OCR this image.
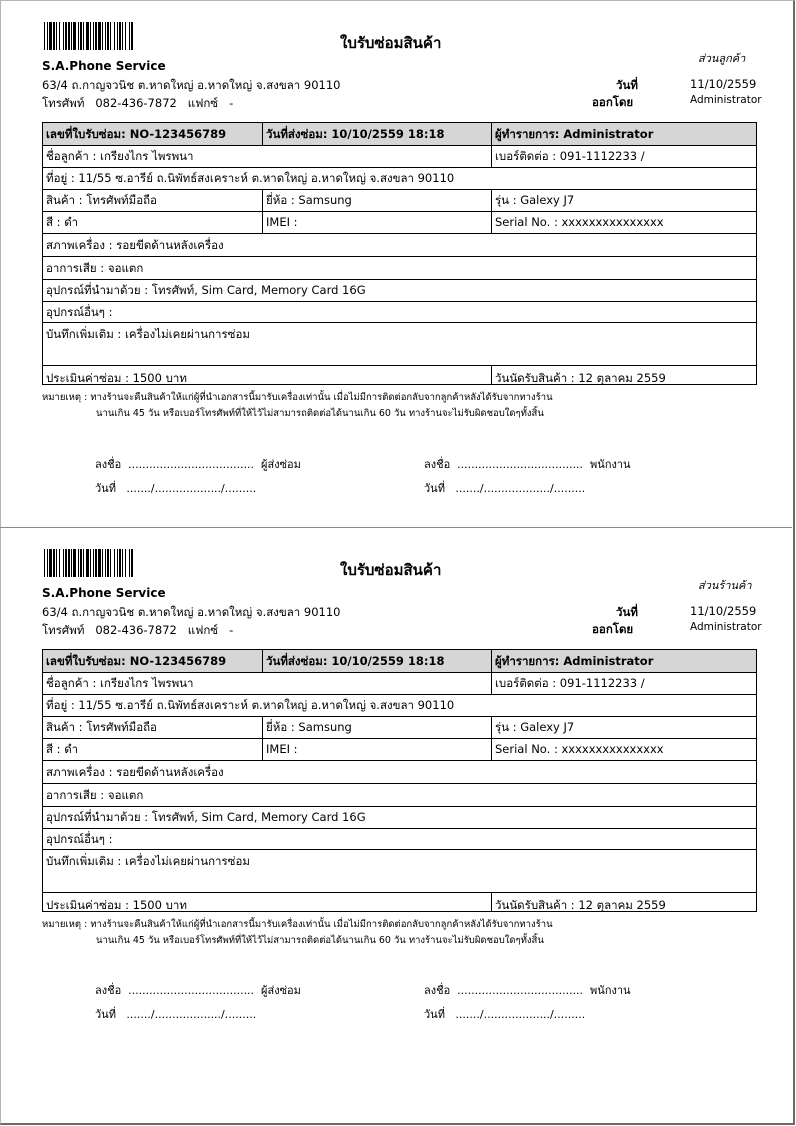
ใบรับซ่อมสินค้า
ส่วนลูกค้า
S.A.Phone Service
63/4 ถ.กาญจวนิช ต.หาดใหญ่ อ.หาดใหญ่ จ.สงขลา 90110
โทรศัพท์   082-436-7872   แฟกซ์   -
วันที่	11/10/2559
ออกโดย	Administrator
เลขที่ใบรับซ่อม: NO-123456789	วันที่ส่งซ่อม: 10/10/2559 18:18	ผู้ทำรายการ: Administrator
ชื่อลูกค้า : เกรียงไกร ไพรพนา	เบอร์ติดต่อ : 091-1112233 /
ที่อยู่ : 11/55 ซ.อารีย์ ถ.นิพัทธ์สงเคราะห์ ต.หาดใหญ่ อ.หาดใหญ่ จ.สงขลา 90110
สินค้า : โทรศัพท์มือถือ	ยี่ห้อ : Samsung	รุ่น : Galexy J7
สี : ดำ	IMEI :	Serial No. : xxxxxxxxxxxxxxx
สภาพเครื่อง : รอยขีดด้านหลังเครื่อง
อาการเสีย : จอแตก
อุปกรณ์ที่นำมาด้วย : โทรศัพท์, Sim Card, Memory Card 16G
อุปกรณ์อื่นๆ :
บันทึกเพิ่มเติม : เครื่องไม่เคยผ่านการซ่อม
ประเมินค่าซ่อม : 1500 บาท	วันนัดรับสินค้า : 12 ตุลาคม 2559
หมายเหตุ : ทางร้านจะคืนสินค้าให้แก่ผู้ที่นำเอกสารนี้มารับเครื่องเท่านั้น เมื่อไม่มีการติดต่อกลับจากลูกค้าหลังได้รับจากทางร้าน
นานเกิน 45 วัน หรือเบอร์โทรศัพท์ที่ให้ไว้ไม่สามารถติดต่อได้นานเกิน 60 วัน ทางร้านจะไม่รับผิดชอบใดๆทั้งสิ้น
ลงชื่อ  ....................................  ผู้ส่งซ่อม
วันที่   ......./.................../.........
ลงชื่อ  ....................................  พนักงาน
วันที่   ......./.................../.........
ใบรับซ่อมสินค้า
ส่วนร้านค้า
S.A.Phone Service
63/4 ถ.กาญจวนิช ต.หาดใหญ่ อ.หาดใหญ่ จ.สงขลา 90110
โทรศัพท์   082-436-7872   แฟกซ์   -
วันที่	11/10/2559
ออกโดย	Administrator
เลขที่ใบรับซ่อม: NO-123456789	วันที่ส่งซ่อม: 10/10/2559 18:18	ผู้ทำรายการ: Administrator
ชื่อลูกค้า : เกรียงไกร ไพรพนา	เบอร์ติดต่อ : 091-1112233 /
ที่อยู่ : 11/55 ซ.อารีย์ ถ.นิพัทธ์สงเคราะห์ ต.หาดใหญ่ อ.หาดใหญ่ จ.สงขลา 90110
สินค้า : โทรศัพท์มือถือ	ยี่ห้อ : Samsung	รุ่น : Galexy J7
สี : ดำ	IMEI :	Serial No. : xxxxxxxxxxxxxxx
สภาพเครื่อง : รอยขีดด้านหลังเครื่อง
อาการเสีย : จอแตก
อุปกรณ์ที่นำมาด้วย : โทรศัพท์, Sim Card, Memory Card 16G
อุปกรณ์อื่นๆ :
บันทึกเพิ่มเติม : เครื่องไม่เคยผ่านการซ่อม
ประเมินค่าซ่อม : 1500 บาท	วันนัดรับสินค้า : 12 ตุลาคม 2559
หมายเหตุ : ทางร้านจะคืนสินค้าให้แก่ผู้ที่นำเอกสารนี้มารับเครื่องเท่านั้น เมื่อไม่มีการติดต่อกลับจากลูกค้าหลังได้รับจากทางร้าน
นานเกิน 45 วัน หรือเบอร์โทรศัพท์ที่ให้ไว้ไม่สามารถติดต่อได้นานเกิน 60 วัน ทางร้านจะไม่รับผิดชอบใดๆทั้งสิ้น
ลงชื่อ  ....................................  ผู้ส่งซ่อม
วันที่   ......./.................../.........
ลงชื่อ  ....................................  พนักงาน
วันที่   ......./.................../.........
